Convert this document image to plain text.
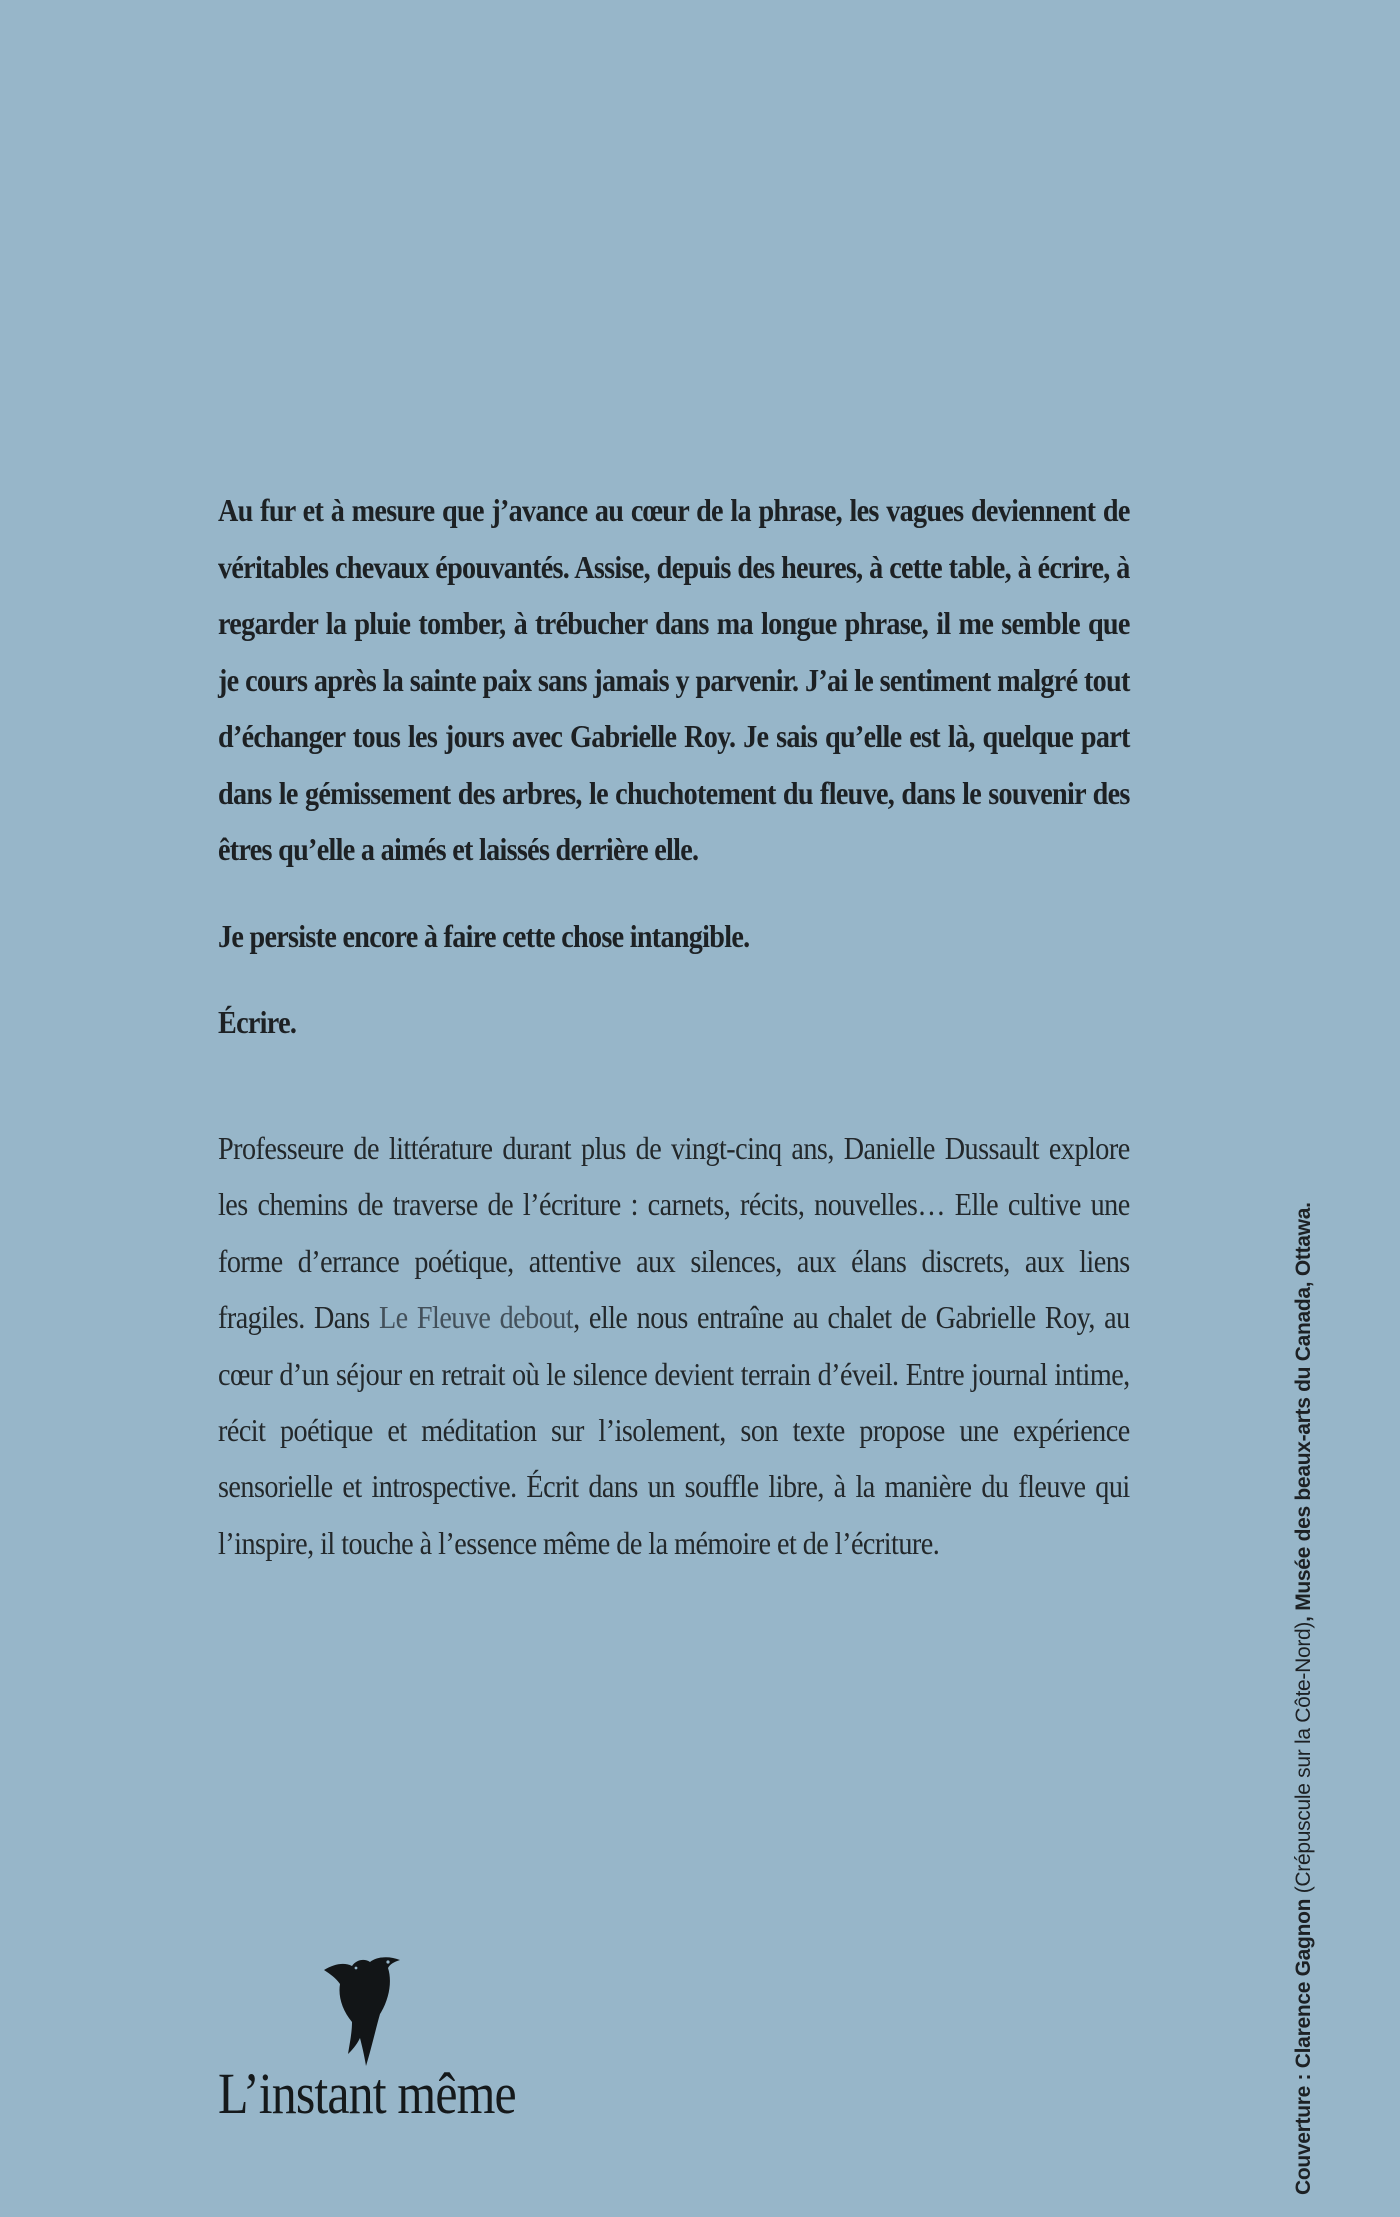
Au fur et à mesure que j’avance au cœur de la phrase, les vagues deviennent de véritables chevaux épouvantés. Assise, depuis des heures, à cette table, à écrire, à regarder la pluie tomber, à trébucher dans ma longue phrase, il me semble que je cours après la sainte paix sans jamais y parvenir. J’ai le sentiment malgré tout d’échanger tous les jours avec Gabrielle Roy. Je sais qu’elle est là, quelque part dans le gémissement des arbres, le chuchotement du fleuve, dans le souvenir des êtres qu’elle a aimés et laissés derrière elle.

Je persiste encore à faire cette chose intangible.

Écrire.

Professeure de littérature durant plus de vingt-cinq ans, Danielle Dussault explore les chemins de traverse de l’écriture : carnets, récits, nouvelles… Elle cultive une forme d’errance poétique, attentive aux silences, aux élans discrets, aux liens fragiles. Dans Le Fleuve debout, elle nous entraîne au chalet de Gabrielle Roy, au cœur d’un séjour en retrait où le silence devient terrain d’éveil. Entre journal intime, récit poétique et méditation sur l’isolement, son texte propose une expérience sensorielle et introspective. Écrit dans un souffle libre, à la manière du fleuve qui l’inspire, il touche à l’essence même de la mémoire et de l’écriture.

L’instant même	Couverture : Clarence Gagnon (Crépuscule sur la Côte-Nord), Musée des beaux-arts du Canada, Ottawa.
